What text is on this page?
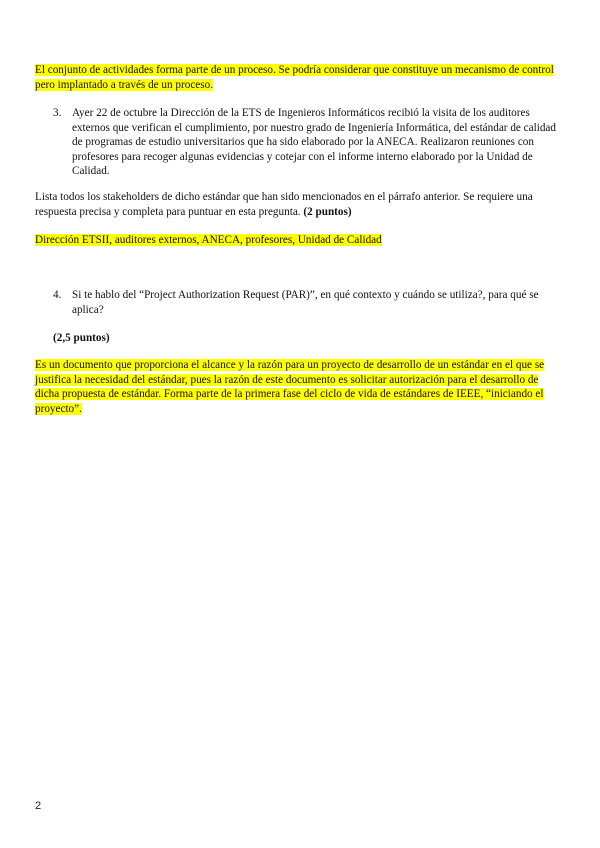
El conjunto de actividades forma parte de un proceso. Se podría considerar que constituye un mecanismo de control pero implantado a través de un proceso.
3. Ayer 22 de octubre la Dirección de la ETS de Ingenieros Informáticos recibió la visita de los auditores externos que verifican el cumplimiento, por nuestro grado de Ingeniería Informática, del estándar de calidad de programas de estudio universitarios que ha sido elaborado por la ANECA. Realizaron reuniones con profesores para recoger algunas evidencias y cotejar con el informe interno elaborado por la Unidad de Calidad.
Lista todos los stakeholders de dicho estándar que han sido mencionados en el párrafo anterior. Se requiere una respuesta precisa y completa para puntuar en esta pregunta. (2 puntos)
Dirección ETSII, auditores externos, ANECA, profesores, Unidad de Calidad
4. Si te hablo del “Project Authorization Request (PAR)”, en qué contexto y cuándo se utiliza?, para qué se aplica?
(2,5 puntos)
Es un documento que proporciona el alcance y la razón para un proyecto de desarrollo de un estándar en el que se justifica la necesidad del estándar, pues la razón de este documento es solicitar autorización para el desarrollo de dicha propuesta de estándar. Forma parte de la primera fase del ciclo de vida de estándares de IEEE, “iniciando el proyecto”.
2
